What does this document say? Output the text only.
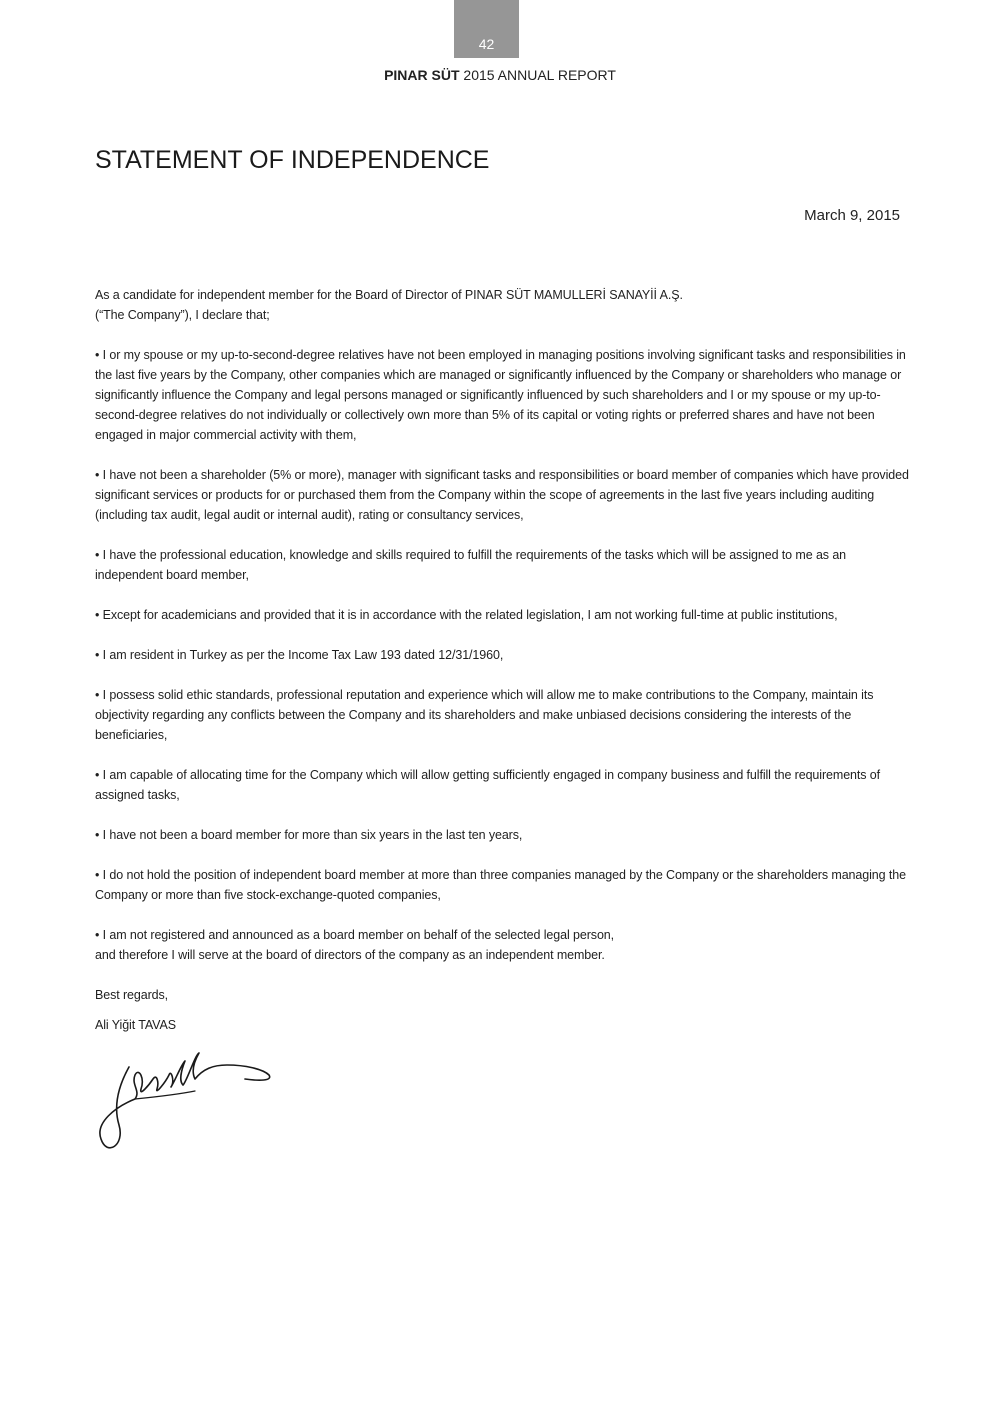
42
PINAR SÜT 2015 ANNUAL REPORT
STATEMENT OF INDEPENDENCE
March 9, 2015

As a candidate for independent member for the Board of Director of PINAR SÜT MAMULLERİ SANAYİİ A.Ş.
(“The Company”), I declare that;

• I or my spouse or my up-to-second-degree relatives have not been employed in managing positions involving significant tasks and responsibilities in the last five years by the Company, other companies which are managed or significantly influenced by the Company or shareholders who manage or significantly influence the Company and legal persons managed or significantly influenced by such shareholders and I or my spouse or my up-to-second-degree relatives do not individually or collectively own more than 5% of its capital or voting rights or preferred shares and have not been engaged in major commercial activity with them,

• I have not been a shareholder (5% or more), manager with significant tasks and responsibilities or board member of companies which have provided significant services or products for or purchased them from the Company within the scope of agreements in the last five years including auditing (including tax audit, legal audit or internal audit), rating or consultancy services,

• I have the professional education, knowledge and skills required to fulfill the requirements of the tasks which will be assigned to me as an independent board member,

• Except for academicians and provided that it is in accordance with the related legislation, I am not working full-time at public institutions,

• I am resident in Turkey as per the Income Tax Law 193 dated 12/31/1960,

• I possess solid ethic standards, professional reputation and experience which will allow me to make contributions to the Company, maintain its objectivity regarding any conflicts between the Company and its shareholders and make unbiased decisions considering the interests of the beneficiaries,

• I am capable of allocating time for the Company which will allow getting sufficiently engaged in company business and fulfill the requirements of assigned tasks,

• I have not been a board member for more than six years in the last ten years,

• I do not hold the position of independent board member at more than three companies managed by the Company or the shareholders managing the Company or more than five stock-exchange-quoted companies,

• I am not registered and announced as a board member on behalf of the selected legal person,
and therefore I will serve at the board of directors of the company as an independent member.

Best regards,

Ali Yiğit TAVAS
